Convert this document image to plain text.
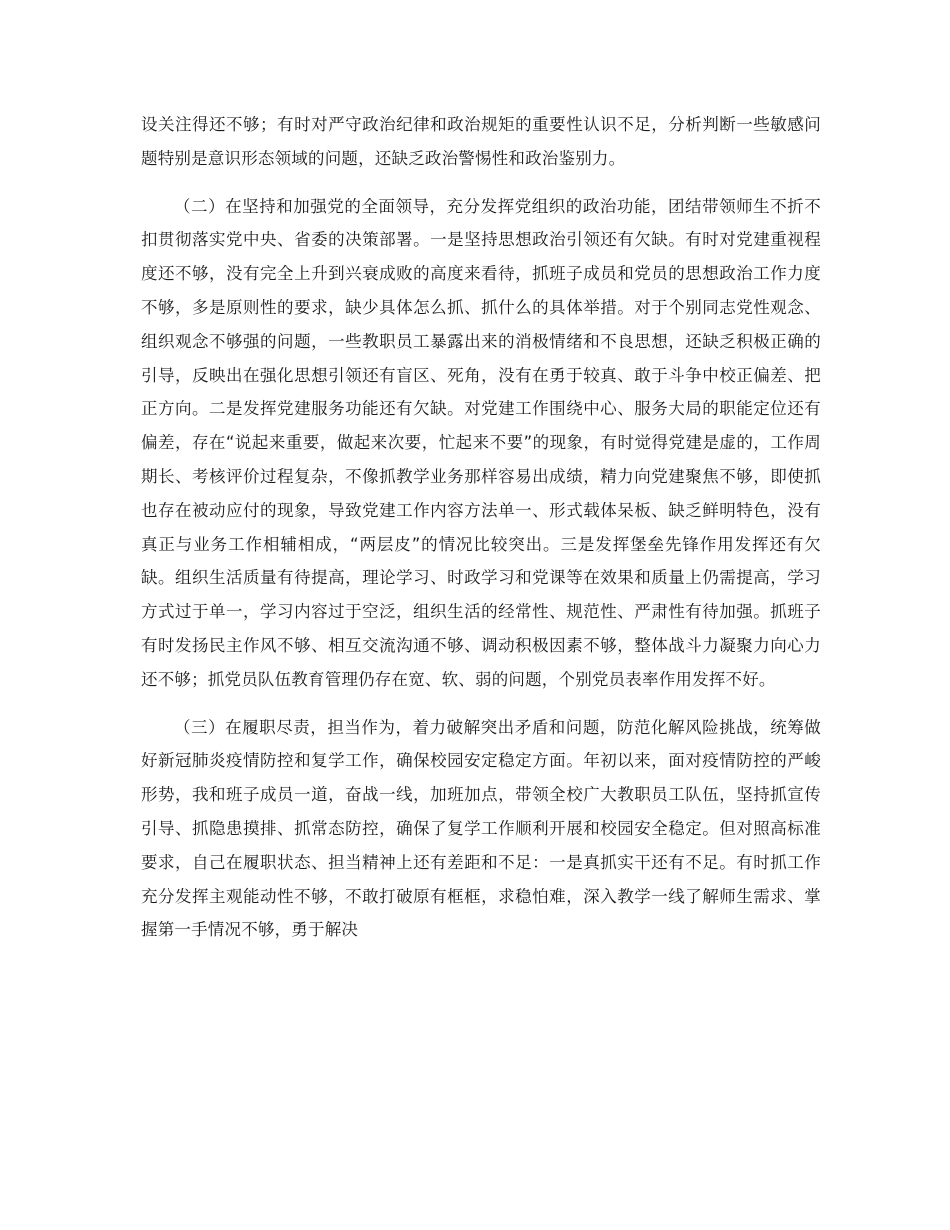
设关注得还不够；有时对严守政治纪律和政治规矩的重要性认识不足，分析判断一些敏感问题特别是意识形态领域的问题，还缺乏政治警惕性和政治鉴别力。

（二）在坚持和加强党的全面领导，充分发挥党组织的政治功能，团结带领师生不折不扣贯彻落实党中央、省委的决策部署。一是坚持思想政治引领还有欠缺。有时对党建重视程度还不够，没有完全上升到兴衰成败的高度来看待，抓班子成员和党员的思想政治工作力度不够，多是原则性的要求，缺少具体怎么抓、抓什么的具体举措。对于个别同志党性观念、组织观念不够强的问题，一些教职员工暴露出来的消极情绪和不良思想，还缺乏积极正确的引导，反映出在强化思想引领还有盲区、死角，没有在勇于较真、敢于斗争中校正偏差、把正方向。二是发挥党建服务功能还有欠缺。对党建工作围绕中心、服务大局的职能定位还有偏差，存在“说起来重要，做起来次要，忙起来不要”的现象，有时觉得党建是虚的，工作周期长、考核评价过程复杂，不像抓教学业务那样容易出成绩，精力向党建聚焦不够，即使抓也存在被动应付的现象，导致党建工作内容方法单一、形式载体呆板、缺乏鲜明特色，没有真正与业务工作相辅相成，“两层皮”的情况比较突出。三是发挥堡垒先锋作用发挥还有欠缺。组织生活质量有待提高，理论学习、时政学习和党课等在效果和质量上仍需提高，学习方式过于单一，学习内容过于空泛，组织生活的经常性、规范性、严肃性有待加强。抓班子有时发扬民主作风不够、相互交流沟通不够、调动积极因素不够，整体战斗力凝聚力向心力还不够；抓党员队伍教育管理仍存在宽、软、弱的问题，个别党员表率作用发挥不好。

（三）在履职尽责，担当作为，着力破解突出矛盾和问题，防范化解风险挑战，统筹做好新冠肺炎疫情防控和复学工作，确保校园安定稳定方面。年初以来，面对疫情防控的严峻形势，我和班子成员一道，奋战一线，加班加点，带领全校广大教职员工队伍，坚持抓宣传引导、抓隐患摸排、抓常态防控，确保了复学工作顺利开展和校园安全稳定。但对照高标准要求，自己在履职状态、担当精神上还有差距和不足：一是真抓实干还有不足。有时抓工作充分发挥主观能动性不够，不敢打破原有框框，求稳怕难，深入教学一线了解师生需求、掌握第一手情况不够，勇于解决
